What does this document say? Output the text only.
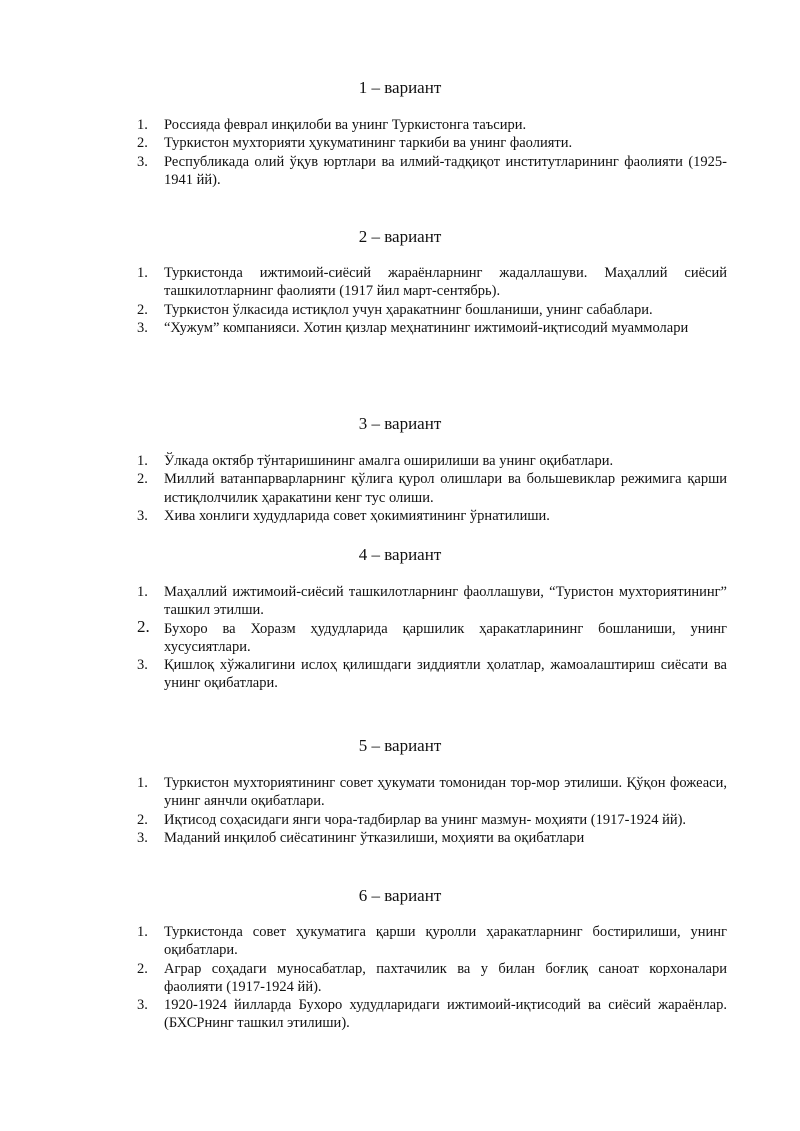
1 – вариант
1. Россияда феврал инқилоби ва унинг Туркистонга таъсири.
2. Туркистон мухторияти ҳукуматининг таркиби ва унинг фаолияти.
3. Республикада олий ўқув юртлари ва илмий-тадқиқот институтларининг фаолияти (1925-1941 йй).
2 – вариант
1. Туркистонда ижтимоий-сиёсий жараёнларнинг жадаллашуви. Маҳаллий сиёсий ташкилотларнинг фаолияти (1917 йил март-сентябрь).
2. Туркистон ўлкасида истиқлол учун ҳаракатнинг бошланиши, унинг сабаблари.
3. “Хужум” компанияси. Хотин қизлар меҳнатининг ижтимоий-иқтисодий муаммолари
3 – вариант
1. Ўлкада октябр тўнтаришининг амалга оширилиши ва унинг оқибатлари.
2. Миллий ватанпарварларнинг қўлига қурол олишлари ва большевиклар режимига қарши истиқлолчилик ҳаракатини кенг тус олиши.
3. Хива хонлиги худудларида совет ҳокимиятининг ўрнатилиши.
4 – вариант
1. Маҳаллий ижтимоий-сиёсий ташкилотларнинг фаоллашуви, “Туристон мухториятининг” ташкил этилши.
2. Бухоро ва Хоразм ҳудудларида қаршилик ҳаракатларининг бошланиши, унинг хусусиятлари.
3. Қишлоқ хўжалигини ислоҳ қилишдаги зиддиятли ҳолатлар, жамоалаштириш сиёсати ва унинг оқибатлари.
5 – вариант
1. Туркистон мухториятининг совет ҳукумати томонидан тор-мор этилиши. Қўқон фожеаси, унинг аянчли оқибатлари.
2. Иқтисод соҳасидаги янги чора-тадбирлар ва унинг мазмун- моҳияти (1917-1924 йй).
3. Маданий инқилоб сиёсатининг ўтказилиши, моҳияти ва оқибатлари
6 – вариант
1. Туркистонда совет ҳукуматига қарши қуролли ҳаракатларнинг бостирилиши, унинг оқибатлари.
2. Аграр соҳадаги муносабатлар, пахтачилик ва у билан боғлиқ саноат корхоналари фаолияти (1917-1924 йй).
3. 1920-1924 йилларда Бухоро худудларидаги ижтимоий-иқтисодий ва сиёсий жараёнлар. (БХСРнинг ташкил этилиши).
